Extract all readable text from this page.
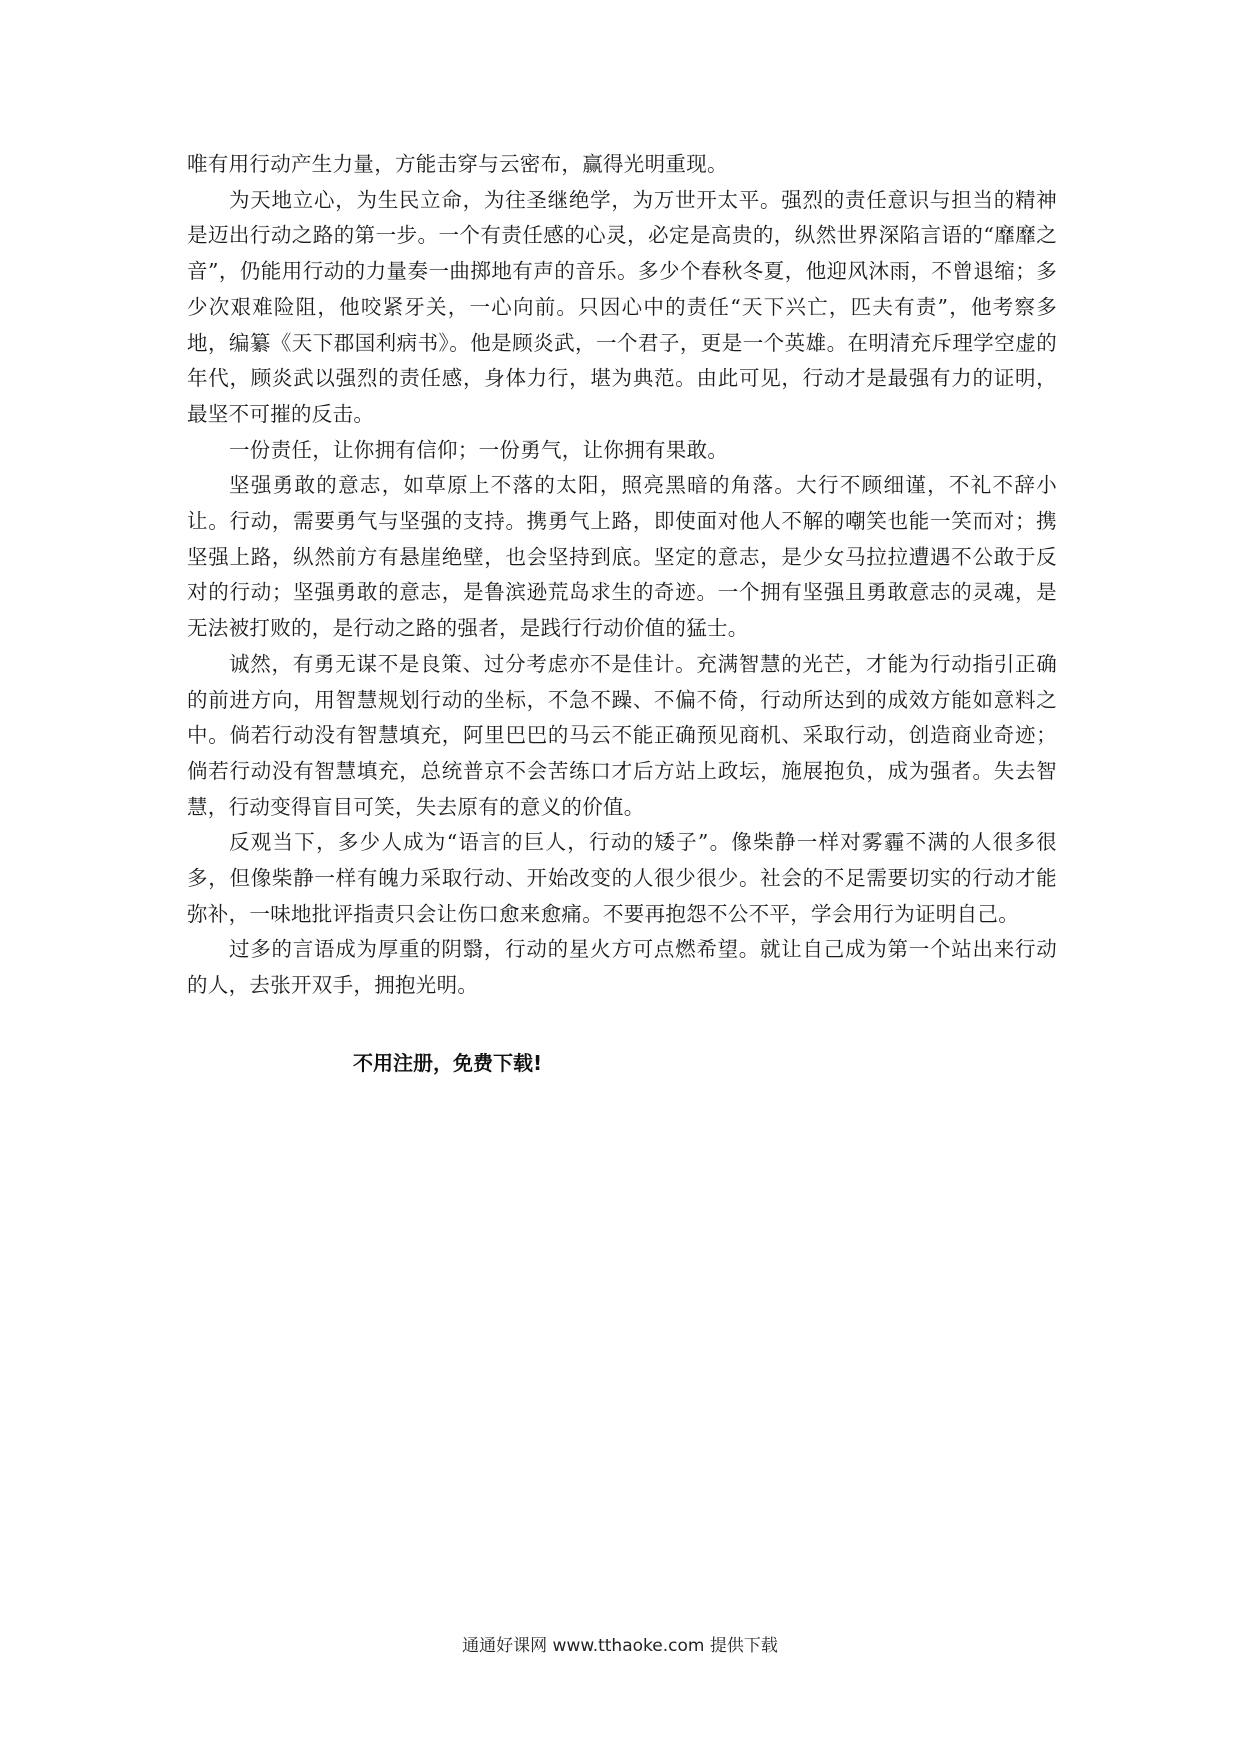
唯有用行动产生力量，方能击穿与云密布，赢得光明重现。

为天地立心，为生民立命，为往圣继绝学，为万世开太平。强烈的责任意识与担当的精神是迈出行动之路的第一步。一个有责任感的心灵，必定是高贵的，纵然世界深陷言语的“靡靡之音”，仍能用行动的力量奏一曲掷地有声的音乐。多少个春秋冬夏，他迎风沐雨，不曾退缩；多少次艰难险阻，他咬紧牙关，一心向前。只因心中的责任“天下兴亡，匹夫有责”，他考察多地，编纂《天下郡国利病书》。他是顾炎武，一个君子，更是一个英雄。在明清充斥理学空虚的年代，顾炎武以强烈的责任感，身体力行，堪为典范。由此可见，行动才是最强有力的证明，最坚不可摧的反击。

一份责任，让你拥有信仰；一份勇气，让你拥有果敢。

坚强勇敢的意志，如草原上不落的太阳，照亮黑暗的角落。大行不顾细谨，不礼不辞小让。行动，需要勇气与坚强的支持。携勇气上路，即使面对他人不解的嘲笑也能一笑而对；携坚强上路，纵然前方有悬崖绝壁，也会坚持到底。坚定的意志，是少女马拉拉遭遇不公敢于反对的行动；坚强勇敢的意志，是鲁滨逊荒岛求生的奇迹。一个拥有坚强且勇敢意志的灵魂，是无法被打败的，是行动之路的强者，是践行行动价值的猛士。

诚然，有勇无谋不是良策、过分考虑亦不是佳计。充满智慧的光芒，才能为行动指引正确的前进方向，用智慧规划行动的坐标，不急不躁、不偏不倚，行动所达到的成效方能如意料之中。倘若行动没有智慧填充，阿里巴巴的马云不能正确预见商机、采取行动，创造商业奇迹；倘若行动没有智慧填充，总统普京不会苦练口才后方站上政坛，施展抱负，成为强者。失去智慧，行动变得盲目可笑，失去原有的意义的价值。

反观当下，多少人成为“语言的巨人，行动的矮子”。像柴静一样对雾霾不满的人很多很多，但像柴静一样有魄力采取行动、开始改变的人很少很少。社会的不足需要切实的行动才能弥补，一味地批评指责只会让伤口愈来愈痛。不要再抱怨不公不平，学会用行为证明自己。

过多的言语成为厚重的阴翳，行动的星火方可点燃希望。就让自己成为第一个站出来行动的人，去张开双手，拥抱光明。

不用注册，免费下载!
通通好课网 www.tthaoke.com 提供下载
